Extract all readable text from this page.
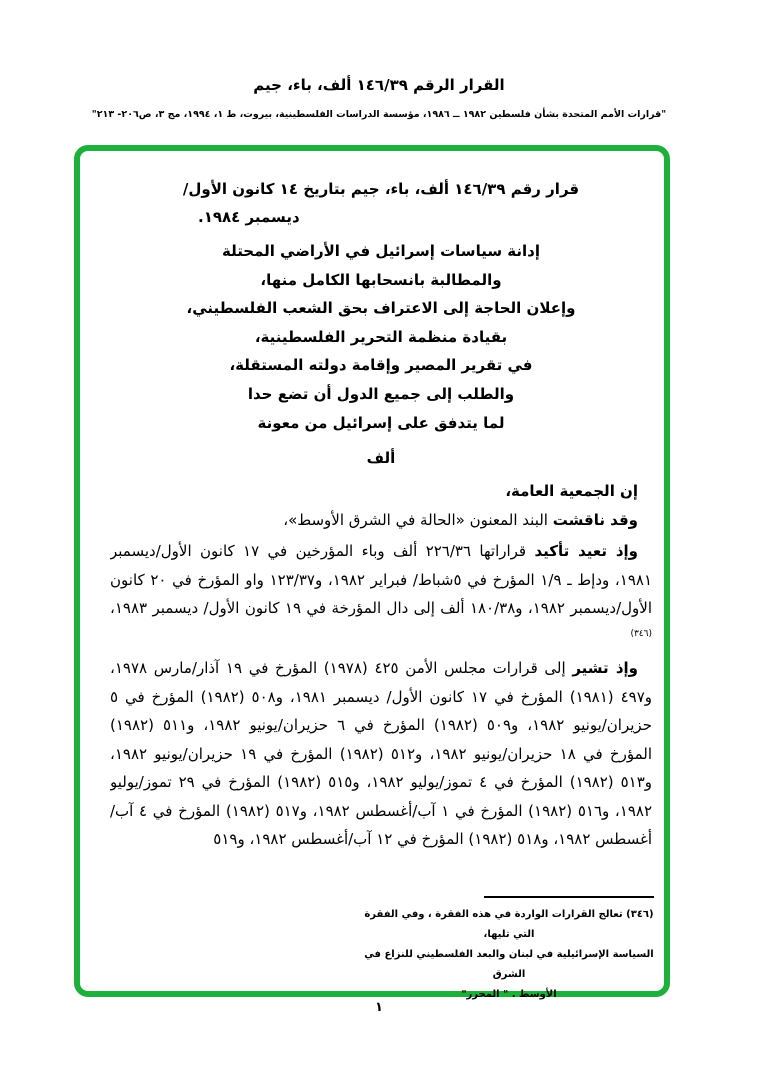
القرار الرقم ١٤٦/٣٩ ألف، باء، جيم
"قرارات الأمم المتحدة بشأن فلسطين ١٩٨٢ ــ ١٩٨٦، مؤسسة الدراسات الفلسطينية، بيروت، ط ١، ١٩٩٤، مج ٣، ص٢٠٦- ٢١٣"
قرار رقم ١٤٦/٣٩ ألف، باء، جيم بتاريخ ١٤ كانون الأول/
ديسمبر ١٩٨٤.
إدانة سياسات إسرائيل في الأراضي المحتلة
والمطالبة بانسحابها الكامل منها،
وإعلان الحاجة إلى الاعتراف بحق الشعب الفلسطيني،
بقيادة منظمة التحرير الفلسطينية،
في تقرير المصير وإقامة دولته المستقلة،
والطلب إلى جميع الدول أن تضع حدا
لما يتدفق على إسرائيل من معونة
ألف

إن الجمعية العامة،

وقد ناقشت البند المعنون «الحالة في الشرق الأوسط»،

وإذ تعيد تأكيد قراراتها ٢٢٦/٣٦ ألف وباء المؤرخين في ١٧ كانون الأول/ديسمبر ١٩٨١، ودإط ـ ١/٩ المؤرخ في ٥شباط/ فبراير ١٩٨٢، و١٢٣/٣٧ واو المؤرخ في ٢٠ كانون الأول/ديسمبر ١٩٨٢، و١٨٠/٣٨ ألف إلى دال المؤرخة في ١٩ كانون الأول/ ديسمبر ١٩٨٣،$^{(٣٤٦)}$

وإذ تشير إلى قرارات مجلس الأمن ٤٢٥ (١٩٧٨) المؤرخ في ١٩ آذار/مارس ١٩٧٨، و٤٩٧ (١٩٨١) المؤرخ في ١٧ كانون الأول/ ديسمبر ١٩٨١، و٥٠٨ (١٩٨٢) المؤرخ في ٥ حزيران/يونيو ١٩٨٢، و٥٠٩ (١٩٨٢) المؤرخ في ٦ حزيران/يونيو ١٩٨٢، و٥١١ (١٩٨٢) المؤرخ في ١٨ حزيران/يونيو ١٩٨٢، و٥١٢ (١٩٨٢) المؤرخ في ١٩ حزيران/يونيو ١٩٨٢، و٥١٣ (١٩٨٢) المؤرخ في ٤ تموز/يوليو ١٩٨٢، و٥١٥ (١٩٨٢) المؤرخ في ٢٩ تموز/يوليو ١٩٨٢، و٥١٦ (١٩٨٢) المؤرخ في ١ آب/أغسطس ١٩٨٢، و٥١٧ (١٩٨٢) المؤرخ في ٤ آب/أغسطس ١٩٨٢، و٥١٨ (١٩٨٢) المؤرخ في ١٢ آب/أغسطس ١٩٨٢، و٥١٩

(٣٤٦) تعالج القرارات الواردة في هذه الفقرة ، وفي الفقرة التي تليها،
السياسة الإسرائيلية في لبنان والبعد الفلسطيني للنزاع في الشرق
الأوسط . " المحرر"
١
